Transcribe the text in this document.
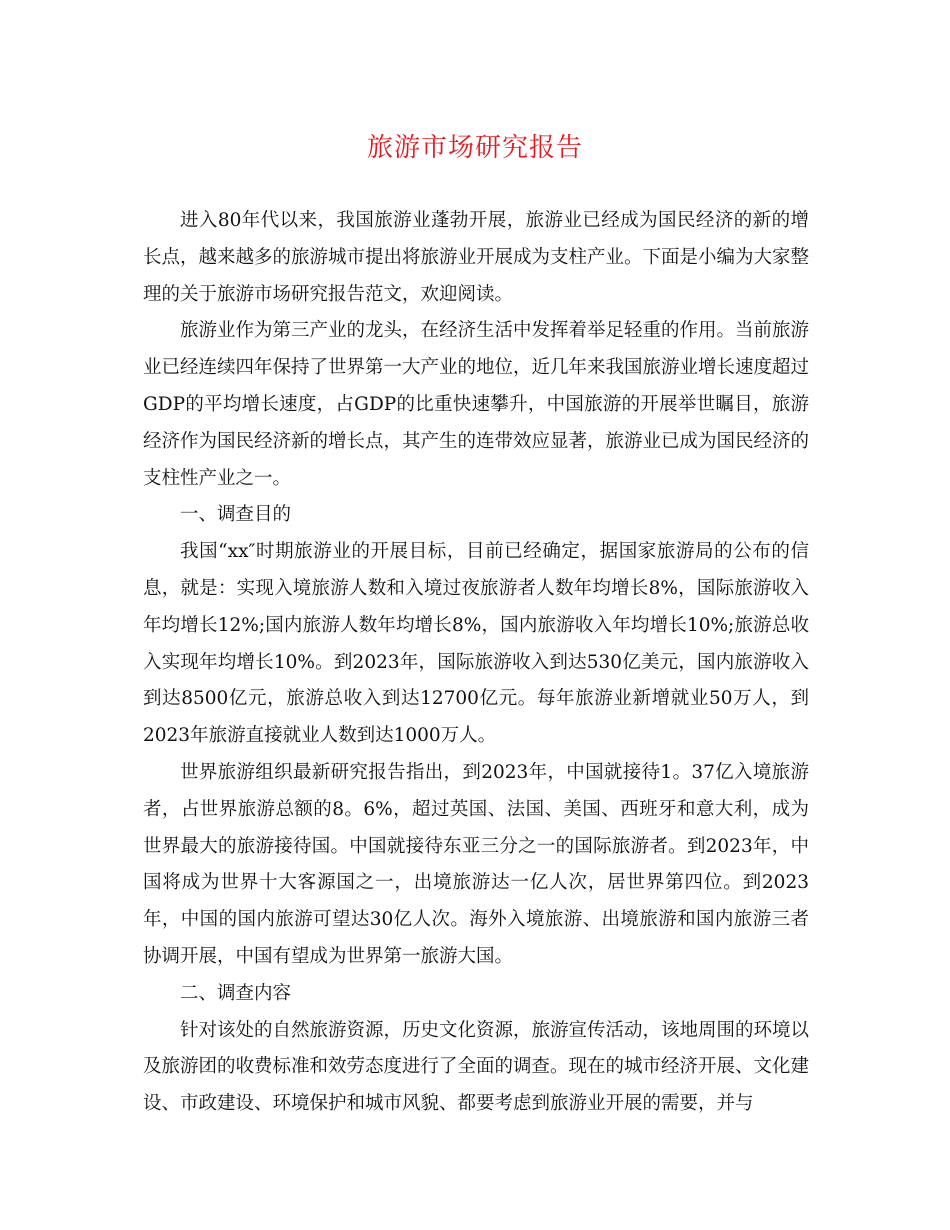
旅游市场研究报告

进入80年代以来，我国旅游业蓬勃开展，旅游业已经成为国民经济的新的增长点，越来越多的旅游城市提出将旅游业开展成为支柱产业。下面是小编为大家整理的关于旅游市场研究报告范文，欢迎阅读。

旅游业作为第三产业的龙头，在经济生活中发挥着举足轻重的作用。当前旅游业已经连续四年保持了世界第一大产业的地位，近几年来我国旅游业增长速度超过GDP的平均增长速度，占GDP的比重快速攀升，中国旅游的开展举世瞩目，旅游经济作为国民经济新的增长点，其产生的连带效应显著，旅游业已成为国民经济的支柱性产业之一。

一、调查目的

我国“xx″时期旅游业的开展目标，目前已经确定，据国家旅游局的公布的信息，就是：实现入境旅游人数和入境过夜旅游者人数年均增长8%，国际旅游收入年均增长12%;国内旅游人数年均增长8%，国内旅游收入年均增长10%;旅游总收入实现年均增长10%。到2023年，国际旅游收入到达530亿美元，国内旅游收入到达8500亿元，旅游总收入到达12700亿元。每年旅游业新增就业50万人，到2023年旅游直接就业人数到达1000万人。

世界旅游组织最新研究报告指出，到2023年，中国就接待1。37亿入境旅游者，占世界旅游总额的8。6%，超过英国、法国、美国、西班牙和意大利，成为世界最大的旅游接待国。中国就接待东亚三分之一的国际旅游者。到2023年，中国将成为世界十大客源国之一，出境旅游达一亿人次，居世界第四位。到2023年，中国的国内旅游可望达30亿人次。海外入境旅游、出境旅游和国内旅游三者协调开展，中国有望成为世界第一旅游大国。

二、调查内容

针对该处的自然旅游资源，历史文化资源，旅游宣传活动，该地周围的环境以及旅游团的收费标准和效劳态度进行了全面的调查。现在的城市经济开展、文化建设、市政建设、环境保护和城市风貌、都要考虑到旅游业开展的需要，并与
